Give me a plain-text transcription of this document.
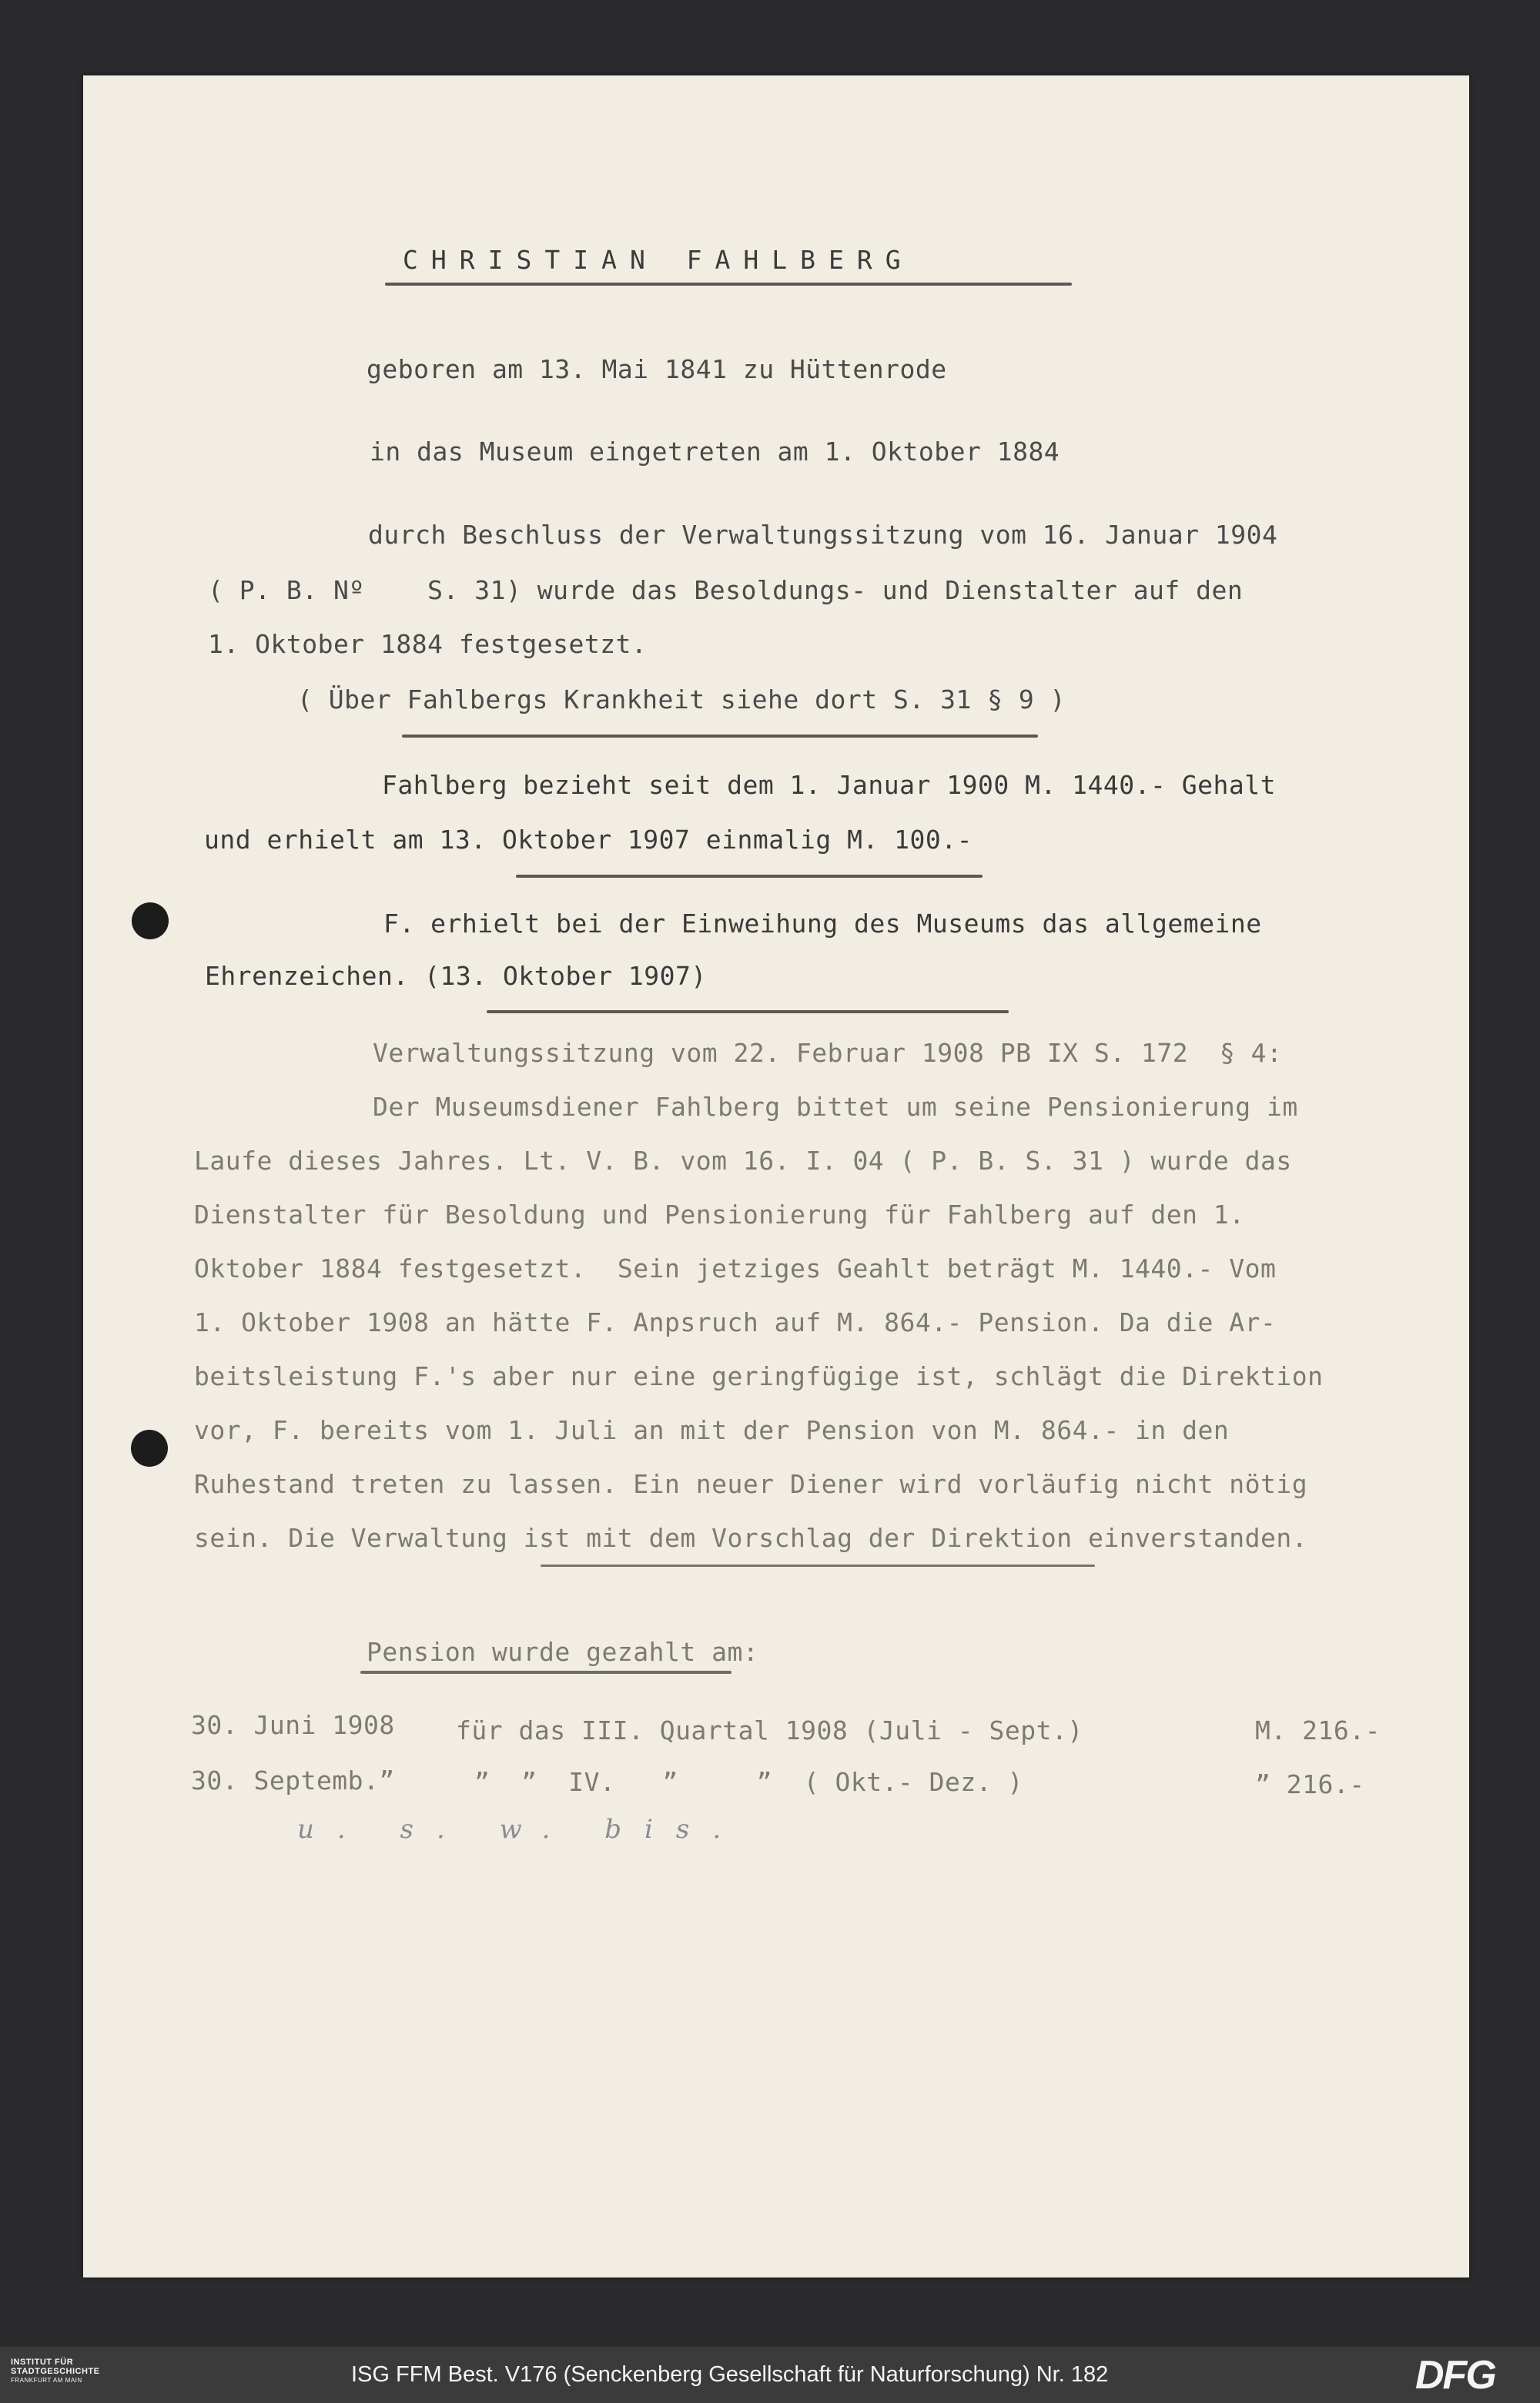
CHRISTIAN FAHLBERG

geboren am 13. Mai 1841 zu Hüttenrode

in das Museum eingetreten am 1. Oktober 1884

durch Beschluss der Verwaltungssitzung vom 16. Januar 1904

( P. B. Nº    S. 31) wurde das Besoldungs- und Dienstalter auf den

1. Oktober 1884 festgesetzt.

( Über Fahlbergs Krankheit siehe dort S. 31 § 9 )

Fahlberg bezieht seit dem 1. Januar 1900 M. 1440.- Gehalt

und erhielt am 13. Oktober 1907 einmalig M. 100.-

F. erhielt bei der Einweihung des Museums das allgemeine

Ehrenzeichen. (13. Oktober 1907)

Verwaltungssitzung vom 22. Februar 1908 PB IX S. 172  § 4:

Der Museumsdiener Fahlberg bittet um seine Pensionierung im

Laufe dieses Jahres. Lt. V. B. vom 16. I. 04 ( P. B. S. 31 ) wurde das

Dienstalter für Besoldung und Pensionierung für Fahlberg auf den 1.

Oktober 1884 festgesetzt.  Sein jetziges Geahlt beträgt M. 1440.- Vom

1. Oktober 1908 an hätte F. Anpsruch auf M. 864.- Pension. Da die Ar-

beitsleistung F.'s aber nur eine geringfügige ist, schlägt die Direktion

vor, F. bereits vom 1. Juli an mit der Pension von M. 864.- in den

Ruhestand treten zu lassen. Ein neuer Diener wird vorläufig nicht nötig

sein. Die Verwaltung ist mit dem Vorschlag der Direktion einverstanden.

Pension wurde gezahlt am:

30. Juni 1908 für das III. Quartal 1908 (Juli - Sept.)	M. 216.-

30. Septemb.”	”  ”  IV.   ”     ”  ( Okt.- Dez. )	” 216.-

u. s. w. bis.
INSTITUT FÜR
STADTGESCHICHTE
FRANKFURT AM MAIN	ISG FFM Best. V176 (Senckenberg Gesellschaft für Naturforschung) Nr. 182	DFG
